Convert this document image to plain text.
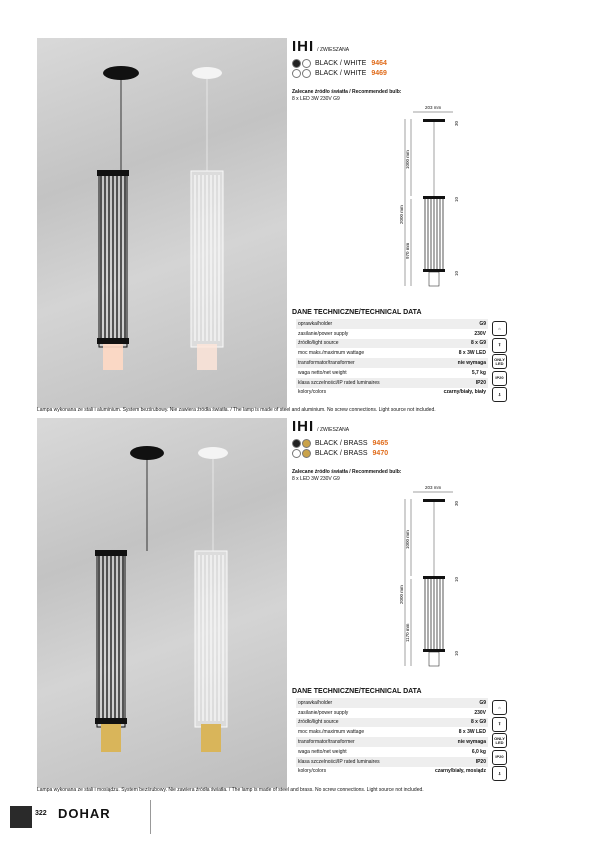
IHI / ZWIESZANA
BLACK / WHITE 9464
BLACK / WHITE 9469
Zalecane źródło światła / Recommended bulb:
8 x LED 3W 230V G9
203 mm
2000 mm
1000 mm
970 mm
30
10
10
DANE TECHNICZNE/TECHNICAL DATA
oprawka/holder	G9
zasilanie/power supply	230V
źródło/light source	8 x G9
moc maks./maximum wattage	8 x 3W LED
transformator/transformer	nie wymaga
waga netto/net weight	5,7 kg
klasa szczelności/IP rated luminaires	IP20
kolory/colors	czarny/biały, biały
⌂
⇧
ONLY LED
IP20
⇩
Lampa wykonana ze stali i aluminium. System bezśrubowy. Nie zawiera źródła światła. / The lamp is made of steel and aluminium. No screw connections. Light source not included.
IHI / ZWIESZANA
BLACK / BRASS 9465
BLACK / BRASS 9470
Zalecane źródło światła / Recommended bulb:
8 x LED 3W 230V G9
203 mm
2000 mm
1000 mm
1170 mm
30
10
10
DANE TECHNICZNE/TECHNICAL DATA
oprawka/holder	G9
zasilanie/power supply	230V
źródło/light source	8 x G9
moc maks./maximum wattage	8 x 3W LED
transformator/transformer	nie wymaga
waga netto/net weight	6,0 kg
klasa szczelności/IP rated luminaires	IP20
kolory/colors	czarny/biały, mosiądz
⌂
⇧
ONLY LED
IP20
⇩
Lampa wykonana ze stali i mosiądzu. System bezśrubowy. Nie zawiera źródła światła. / The lamp is made of steel and brass. No screw connections. Light source not included.
322 DOHAR
